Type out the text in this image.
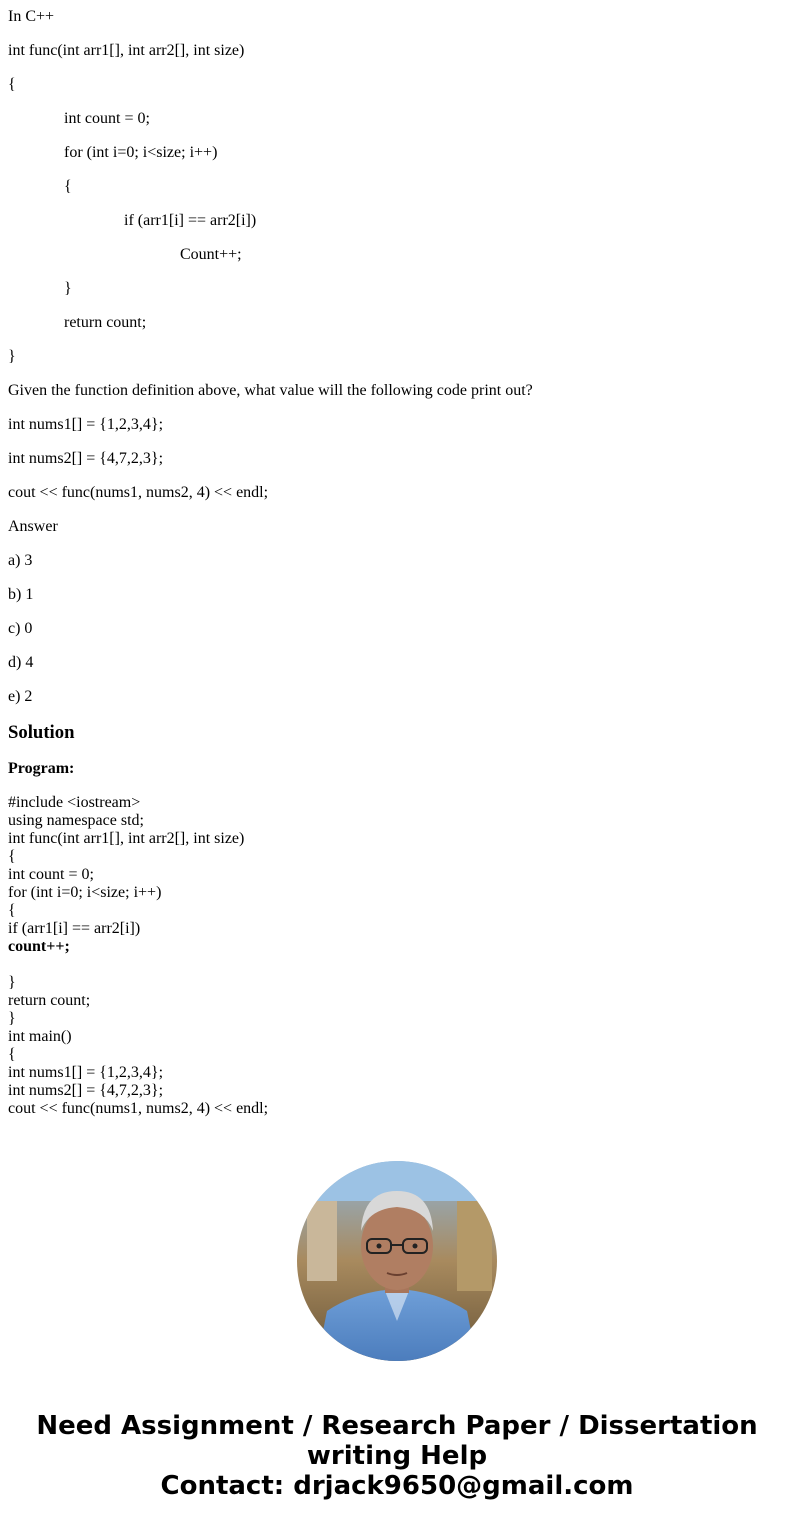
In C++

int func(int arr1[], int arr2[], int size)

{

int count = 0;

for (int i=0; i<size; i++)

{

if (arr1[i] == arr2[i])

Count++;

}

return count;

}

Given the function definition above, what value will the following code print out?

int nums1[] = {1,2,3,4};

int nums2[] = {4,7,2,3};

cout << func(nums1, nums2, 4) << endl;

Answer

a) 3

b) 1

c) 0

d) 4

e) 2

Solution

Program:

#include <iostream>
using namespace std;
int func(int arr1[], int arr2[], int size)
{
int count = 0;
for (int i=0; i<size; i++)
{
if (arr1[i] == arr2[i])
count++;
}
return count;
}
int main()
{
int nums1[] = {1,2,3,4};
int nums2[] = {4,7,2,3};
cout << func(nums1, nums2, 4) << endl;
Need Assignment / Research Paper / Dissertation
writing Help
Contact: drjack9650@gmail.com
